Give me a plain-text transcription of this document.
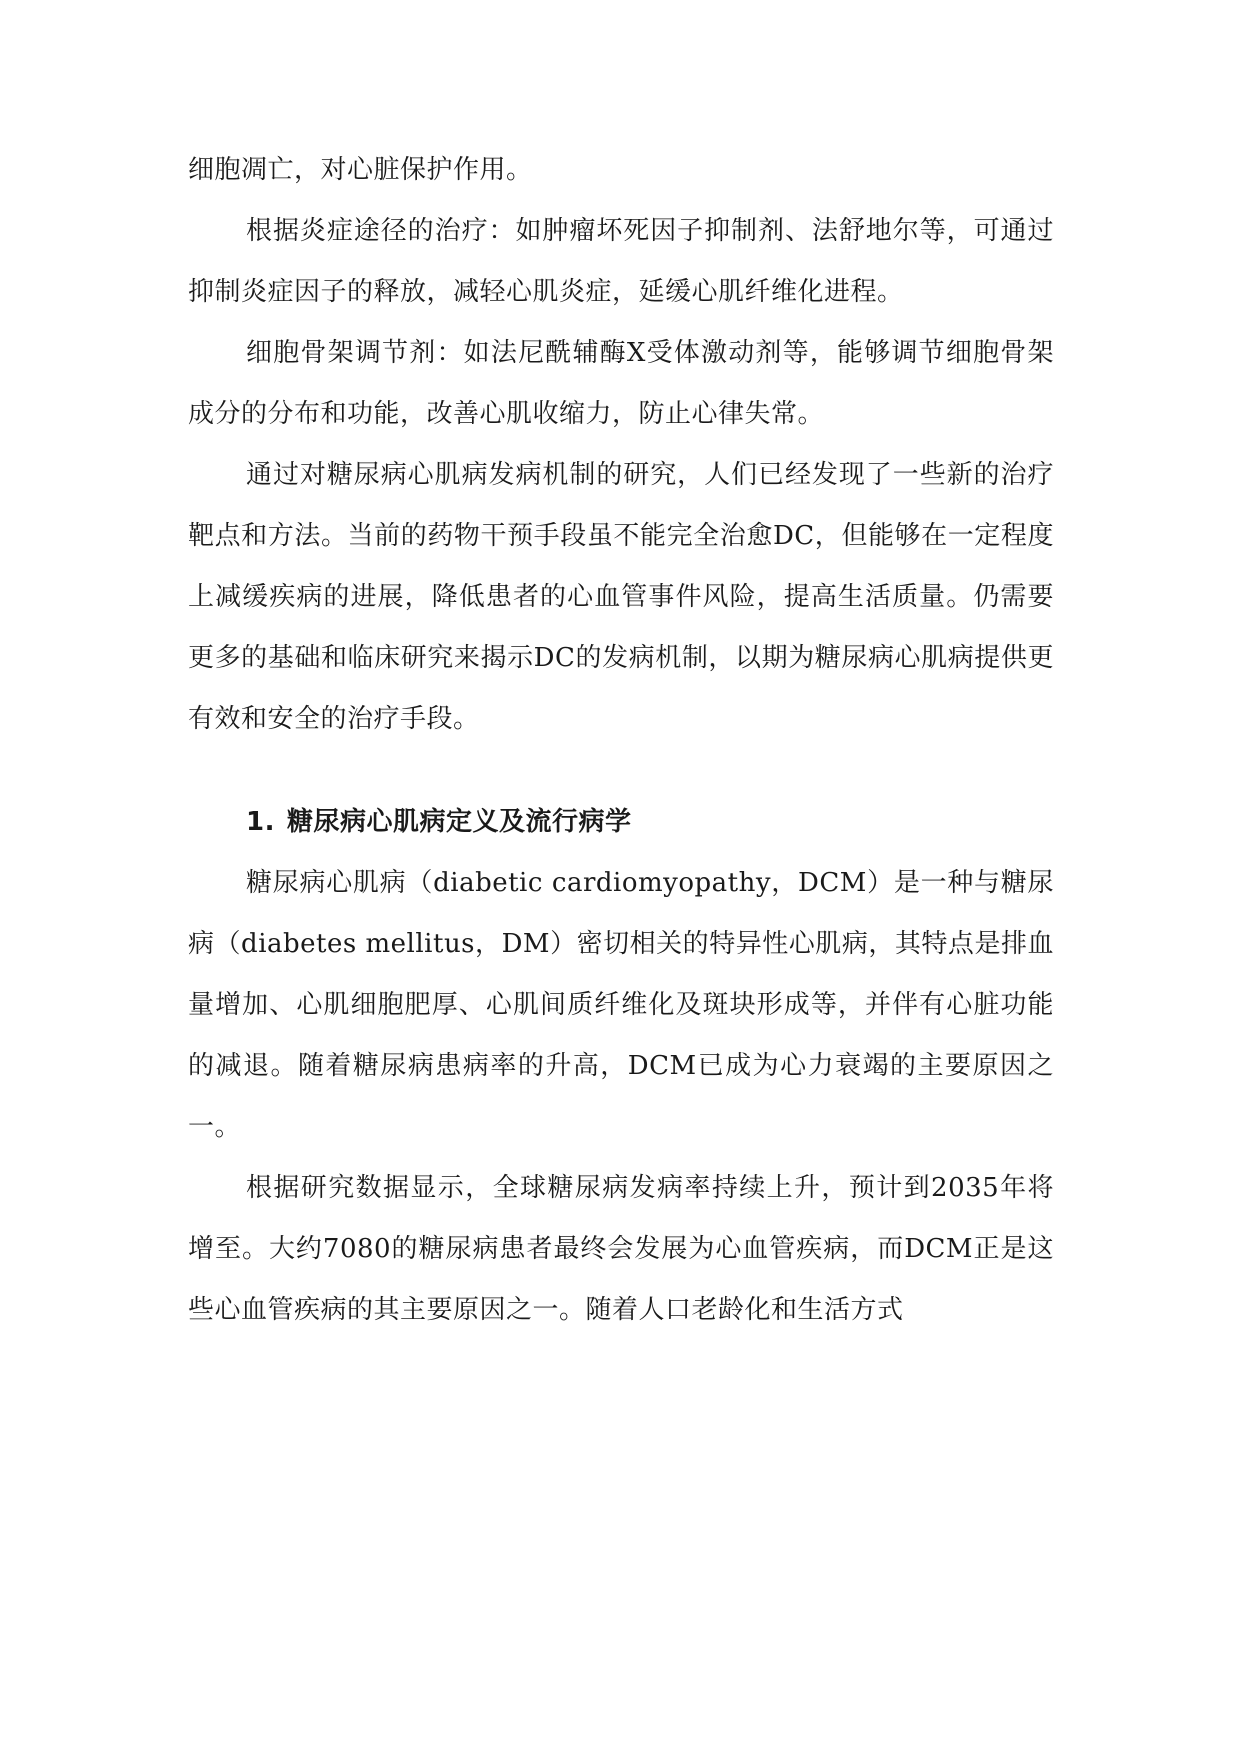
细胞凋亡，对心脏保护作用。

根据炎症途径的治疗：如肿瘤坏死因子抑制剂、法舒地尔等，可通过抑制炎症因子的释放，减轻心肌炎症，延缓心肌纤维化进程。

细胞骨架调节剂：如法尼酰辅酶X受体激动剂等，能够调节细胞骨架成分的分布和功能，改善心肌收缩力，防止心律失常。

通过对糖尿病心肌病发病机制的研究，人们已经发现了一些新的治疗靶点和方法。当前的药物干预手段虽不能完全治愈DC，但能够在一定程度上减缓疾病的进展，降低患者的心血管事件风险，提高生活质量。仍需要更多的基础和临床研究来揭示DC的发病机制，以期为糖尿病心肌病提供更有效和安全的治疗手段。

1. 糖尿病心肌病定义及流行病学

糖尿病心肌病（diabetic cardiomyopathy，DCM）是一种与糖尿病（diabetes mellitus，DM）密切相关的特异性心肌病，其特点是排血量增加、心肌细胞肥厚、心肌间质纤维化及斑块形成等，并伴有心脏功能的减退。随着糖尿病患病率的升高，DCM已成为心力衰竭的主要原因之一。

根据研究数据显示，全球糖尿病发病率持续上升，预计到2035年将增至。大约7080的糖尿病患者最终会发展为心血管疾病，而DCM正是这些心血管疾病的其主要原因之一。随着人口老龄化和生活方式
